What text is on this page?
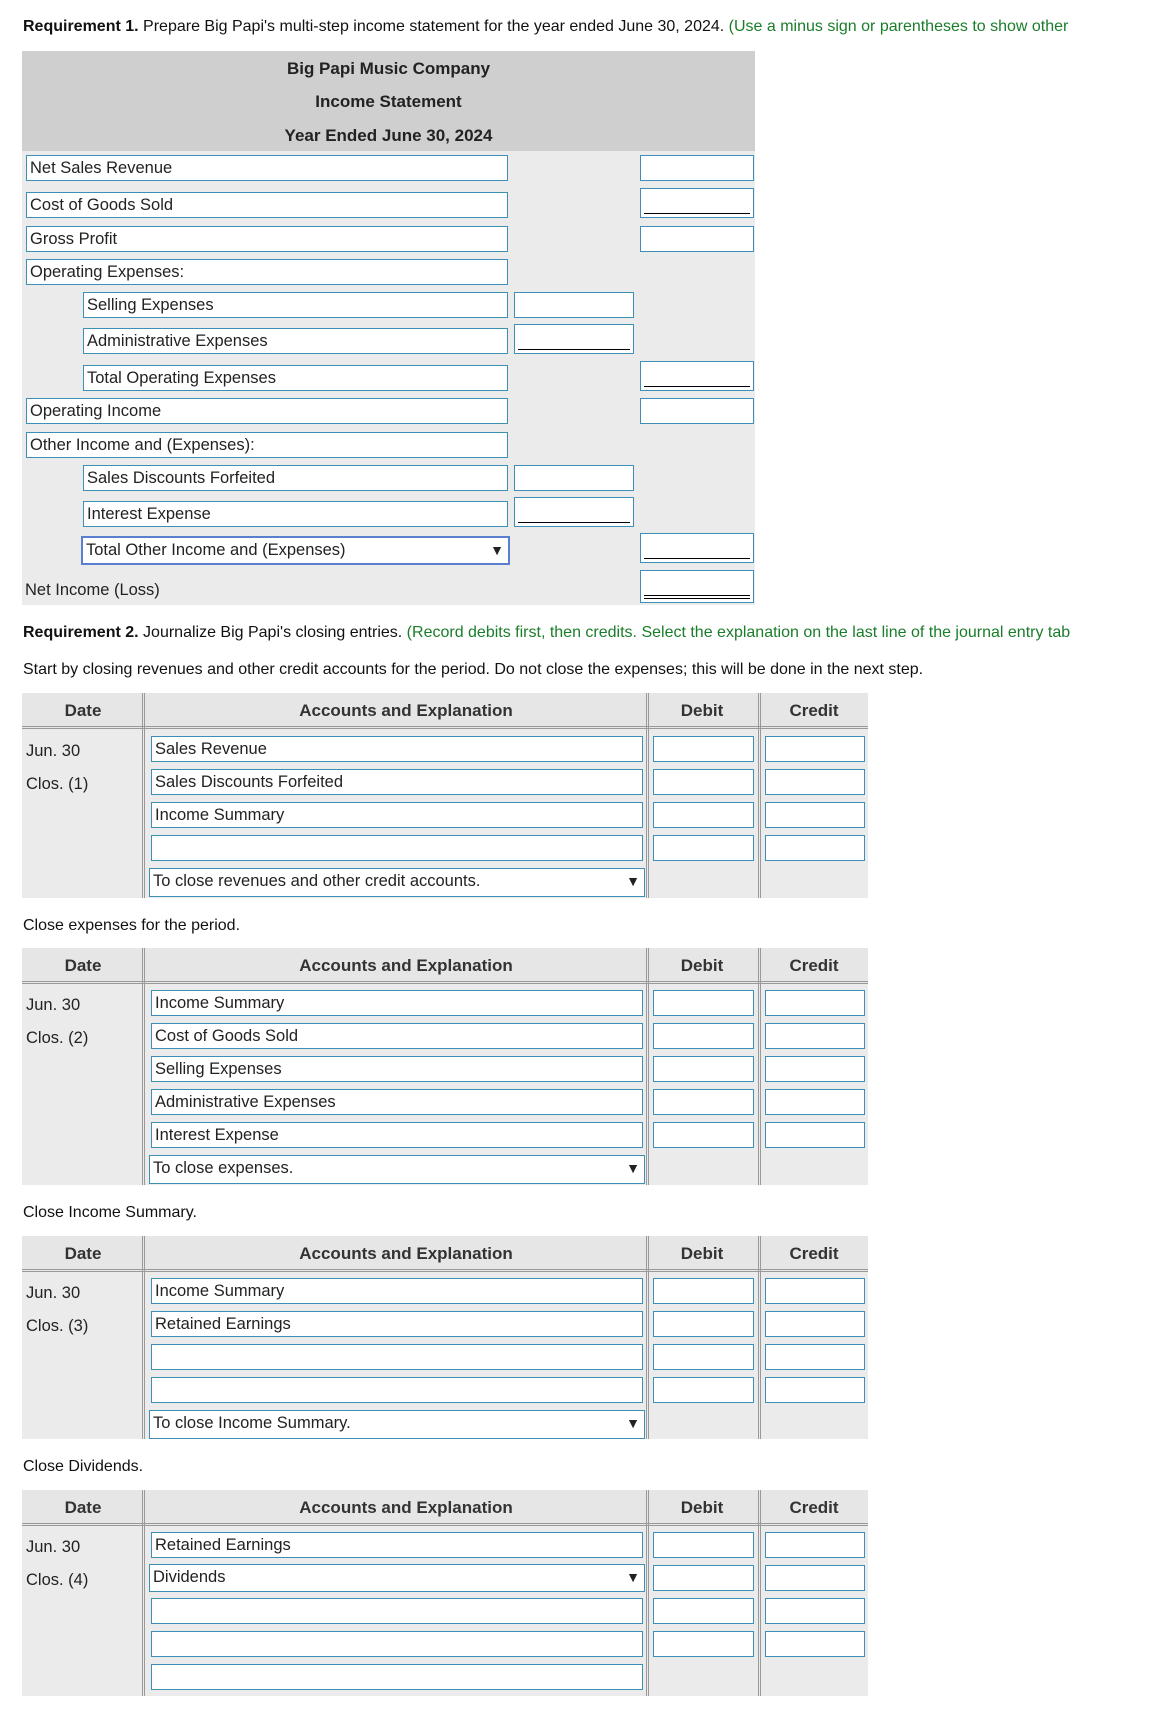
Requirement 1. Prepare Big Papi's multi-step income statement for the year ended June 30, 2024. (Use a minus sign or parentheses to show other
Big Papi Music Company
Income Statement
Year Ended June 30, 2024
Net Sales Revenue
Cost of Goods Sold
Gross Profit
Operating Expenses:
Selling Expenses
Administrative Expenses
Total Operating Expenses
Operating Income
Other Income and (Expenses):
Sales Discounts Forfeited
Interest Expense
Total Other Income and (Expenses)	▼
Net Income (Loss)
Requirement 2. Journalize Big Papi's closing entries. (Record debits first, then credits. Select the explanation on the last line of the journal entry tab
Start by closing revenues and other credit accounts for the period. Do not close the expenses; this will be done in the next step.
Date	Accounts and Explanation	Debit	Credit
Jun. 30
Clos. (1)
Sales Revenue
Sales Discounts Forfeited
Income Summary
To close revenues and other credit accounts.	▼
Close expenses for the period.
Date	Accounts and Explanation	Debit	Credit
Jun. 30
Clos. (2)
Income Summary
Cost of Goods Sold
Selling Expenses
Administrative Expenses
Interest Expense
To close expenses.	▼
Close Income Summary.
Date	Accounts and Explanation	Debit	Credit
Jun. 30
Clos. (3)
Income Summary
Retained Earnings
To close Income Summary.	▼
Close Dividends.
Date	Accounts and Explanation	Debit	Credit
Jun. 30
Clos. (4)
Retained Earnings
Dividends	▼
